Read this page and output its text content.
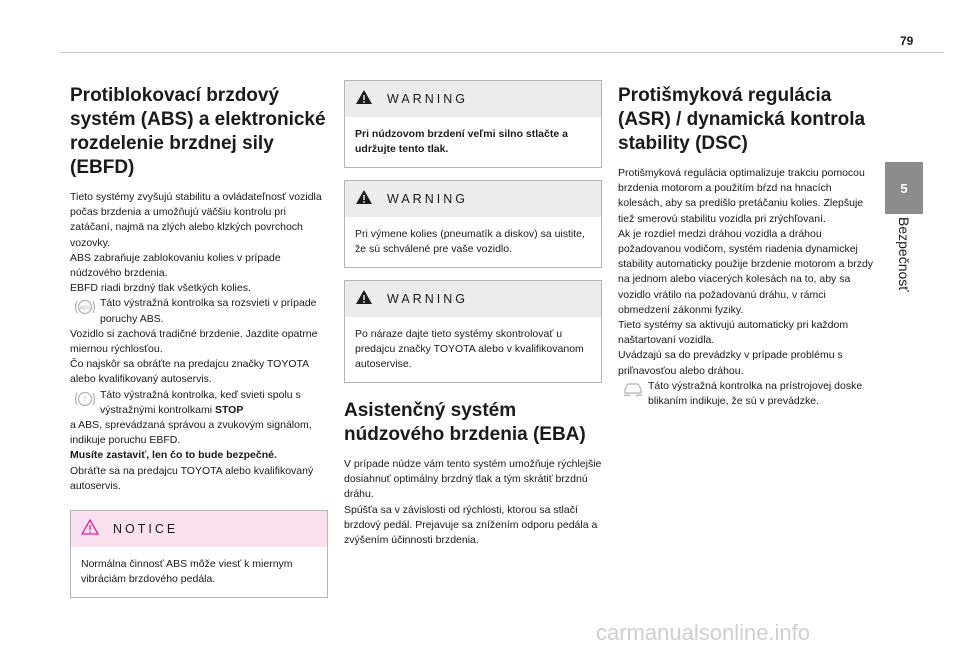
79
5
Bezpečnosť
Protiblokovací brzdový systém (ABS) a elektronické rozdelenie brzdnej sily (EBFD)

Tieto systémy zvyšujú stabilitu a ovládateľnosť vozidla počas brzdenia a umožňujú väčšiu kontrolu pri zatáčaní, najmä na zlých alebo klzkých povrchoch vozovky.

ABS zabraňuje zablokovaniu kolies v prípade núdzového brzdenia.

EBFD riadi brzdný tlak všetkých kolies.

ABS Táto výstražná kontrolka sa rozsvieti v prípade poruchy ABS.

Vozidlo si zachová tradičné brzdenie. Jazdite opatrne miernou rýchlosťou.

Čo najskôr sa obráťte na predajcu značky TOYOTA alebo kvalifikovaný autoservis.

! Táto výstražná kontrolka, keď svieti spolu s výstražnými kontrolkami STOP

a ABS, sprevádzaná správou a zvukovým signálom, indikuje poruchu EBFD.

Musíte zastaviť, len čo to bude bezpečné.

Obráťte sa na predajcu TOYOTA alebo kvalifikovaný autoservis.

NOTICE
Normálna činnosť ABS môže viesť k miernym vibráciám brzdového pedála.
WARNING
Pri núdzovom brzdení veľmi silno stlačte a udržujte tento tlak.
WARNING
Pri výmene kolies (pneumatík a diskov) sa uistite, že sú schválené pre vaše vozidlo.
WARNING
Po náraze dajte tieto systémy skontrolovať u predajcu značky TOYOTA alebo v kvalifikovanom autoservise.
Asistenčný systém núdzového brzdenia (EBA)

V prípade núdze vám tento systém umožňuje rýchlejšie dosiahnuť optimálny brzdný tlak a tým skrátiť brzdnú dráhu.

Spúšťa sa v závislosti od rýchlosti, ktorou sa stlačí brzdový pedál. Prejavuje sa znížením odporu pedála a zvýšením účinnosti brzdenia.

Protišmyková regulácia (ASR) / dynamická kontrola stability (DSC)

Protišmyková regulácia optimalizuje trakciu pomocou brzdenia motorom a použitím bŕzd na hnacích kolesách, aby sa predišlo pretáčaniu kolies. Zlepšuje tiež smerovú stabilitu vozidla pri zrýchľovaní.

Ak je rozdiel medzi dráhou vozidla a dráhou požadovanou vodičom, systém riadenia dynamickej stability automaticky použije brzdenie motorom a brzdy na jednom alebo viacerých kolesách na to, aby sa vozidlo vrátilo na požadovanú dráhu, v rámci obmedzení zákonmi fyziky.

Tieto systémy sa aktivujú automaticky pri každom naštartovaní vozidla.

Uvádzajú sa do prevádzky v prípade problému s priľnavosťou alebo dráhou.

Táto výstražná kontrolka na prístrojovej doske blikaním indikuje, že sú v prevádzke.
carmanualsonline.info
